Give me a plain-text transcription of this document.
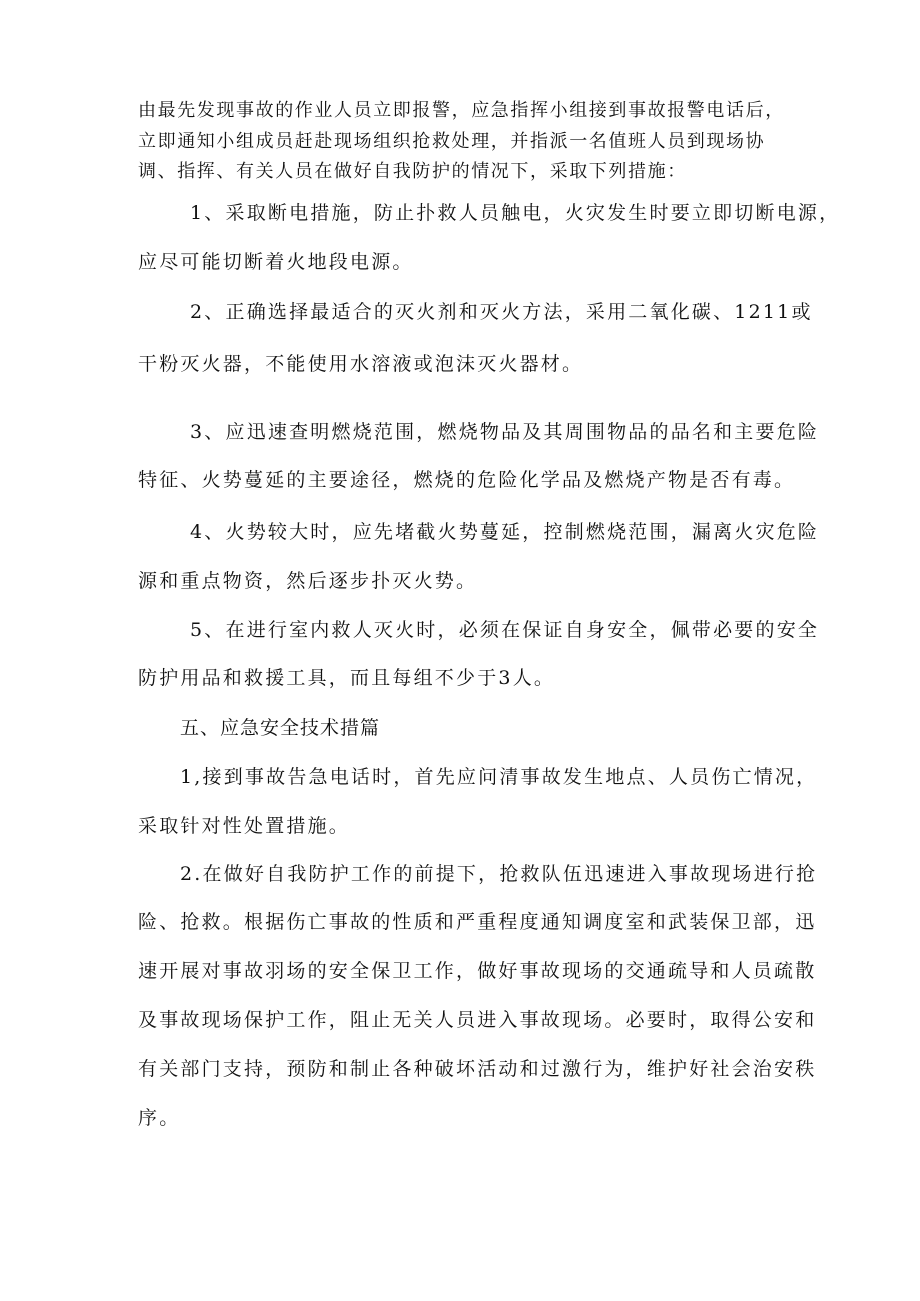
由最先发现事故的作业人员立即报警，应急指挥小组接到事故报警电话后，
立即通知小组成员赶赴现场组织抢救处理，并指派一名值班人员到现场协
调、指挥、有关人员在做好自我防护的情况下，采取下列措施：
1、采取断电措施，防止扑救人员触电，火灾发生时要立即切断电源，
应尽可能切断着火地段电源。
2、正确选择最适合的灭火剂和灭火方法，采用二氧化碳、1211或
干粉灭火器，不能使用水溶液或泡沫灭火器材。
3、应迅速查明燃烧范围，燃烧物品及其周围物品的品名和主要危险
特征、火势蔓延的主要途径，燃烧的危险化学品及燃烧产物是否有毒。
4、火势较大时，应先堵截火势蔓延，控制燃烧范围，漏离火灾危险
源和重点物资，然后逐步扑灭火势。
5、在进行室内救人灭火时，必须在保证自身安全，佩带必要的安全
防护用品和救援工具，而且每组不少于3人。
五、应急安全技术措篇
1,接到事故告急电话时，首先应问清事故发生地点、人员伤亡情况，
采取针对性处置措施。
2.在做好自我防护工作的前提下，抢救队伍迅速进入事故现场进行抢
险、抢救。根据伤亡事故的性质和严重程度通知调度室和武装保卫部，迅
速开展对事故羽场的安全保卫工作，做好事故现场的交通疏导和人员疏散
及事故现场保护工作，阻止无关人员进入事故现场。必要时，取得公安和
有关部门支持，预防和制止各种破坏活动和过激行为，维护好社会治安秩
序。
